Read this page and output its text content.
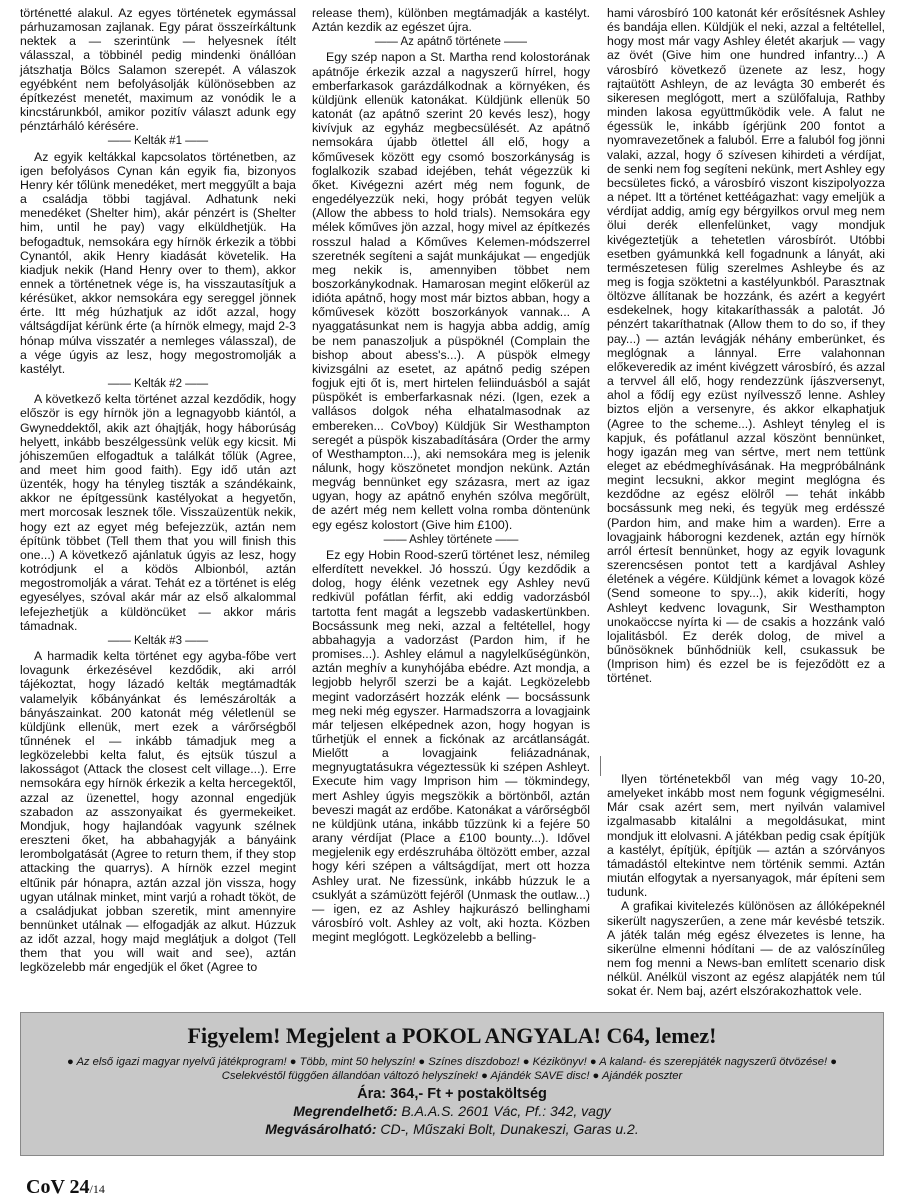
történetté alakul. Az egyes történetek egymással párhuzamosan zajlanak. Egy párat összeírkáltunk nektek a — szerintünk — helyesnek ítélt válasszal, a többinél pedig mindenki önállóan játszhatja Bölcs Salamon szerepét. A válaszok egyébként nem befolyásolják különösebben az építkezést menetét, maximum az vonódik le a kincstárunkból, amikor pozitív választ adunk egy pénztárháló kérésére.

—— Kelták #1 ——

Az egyik keltákkal kapcsolatos történetben, az igen befolyásos Cynan kán egyik fia, bizonyos Henry kér tőlünk menedéket, mert meggyűlt a baja a családja többi tagjával. Adhatunk neki menedéket (Shelter him), akár pénzért is (Shelter him, until he pay) vagy elküldhetjük. Ha befogadtuk, nemsokára egy hírnök érkezik a többi Cynantól, akik Henry kiadását követelik. Ha kiadjuk nekik (Hand Henry over to them), akkor ennek a történetnek vége is, ha visszautasítjuk a kérésüket, akkor nemsokára egy sereggel jönnek érte. Itt még húzhatjuk az időt azzal, hogy váltságdíjat kérünk érte (a hírnök elmegy, majd 2-3 hónap múlva visszatér a nemleges válasszal), de a vége úgyis az lesz, hogy megostromolják a kastélyt.

—— Kelták #2 ——

A következő kelta történet azzal kezdődik, hogy először is egy hírnök jön a legnagyobb kiántól, a Gwyneddektől, akik azt óhajtják, hogy háborúság helyett, inkább beszélgessünk velük egy kicsit. Mi jóhiszeműen elfogadtuk a találkát tőlük (Agree, and meet him good faith). Egy idő után azt üzenték, hogy ha tényleg tiszták a szándékaink, akkor ne építgessünk kastélyokat a hegyetőn, mert morcosak lesznek tőle. Visszaüzentük nekik, hogy ezt az egyet még befejezzük, aztán nem építünk többet (Tell them that you will finish this one...) A következő ajánlatuk úgyis az lesz, hogy kotródjunk el a ködös Albionból, aztán megostromolják a várat. Tehát ez a történet is elég egyesélyes, szóval akár már az első alkalommal lefejezhetjük a küldöncüket — akkor máris támadnak.

—— Kelták #3 ——

A harmadik kelta történet egy agyba-főbe vert lovagunk érkezésével kezdődik, aki arról tájékoztat, hogy lázadó kelták megtámadták valamelyik kőbányánkat és lemészárolták a bányászainkat. 200 katonát még véletlenül se küldjünk ellenük, mert ezek a várőrségből tűnnének el — inkább támadjuk meg a legközelebbi kelta falut, és ejtsük túszul a lakosságot (Attack the closest celt village...). Erre nemsokára egy hírnök érkezik a kelta hercegektől, azzal az üzenettel, hogy azonnal engedjük szabadon az asszonyaikat és gyermekeiket. Mondjuk, hogy hajlandóak vagyunk szélnek ereszteni őket, ha abbahagyják a bányáink lerombolgatását (Agree to return them, if they stop attacking the quarrys). A hírnök ezzel megint eltűnik pár hónapra, aztán azzal jön vissza, hogy ugyan utálnak minket, mint varjú a rohadt tököt, de a családjukat jobban szeretik, mint amennyire bennünket utálnak — elfogadják az alkut. Húzzuk az időt azzal, hogy majd meglátjuk a dolgot (Tell them that you will wait and see), aztán legközelebb már engedjük el őket (Agree to

release them), különben megtámadják a kastélyt. Aztán kezdik az egészet újra.

—— Az apátnő története ——

Egy szép napon a St. Martha rend kolostorának apátnője érkezik azzal a nagyszerű hírrel, hogy emberfarkasok garázdálkodnak a környéken, és küldjünk ellenük katonákat. Küldjünk ellenük 50 katonát (az apátnő szerint 20 kevés lesz), hogy kivívjuk az egyház megbecsülését. Az apátnő nemsokára újabb ötlettel áll elő, hogy a kőművesek között egy csomó boszorkányság is foglalkozik szabad idejében, tehát végezzük ki őket. Kivégezni azért még nem fogunk, de engedélyezzük neki, hogy próbát tegyen velük (Allow the abbess to hold trials). Nemsokára egy mélek kőműves jön azzal, hogy mivel az építkezés rosszul halad a Kőműves Kelemen-módszerrel szeretnék segíteni a saját munkájukat — engedjük meg nekik is, amennyiben többet nem boszorkánykodnak. Hamarosan megint előkerül az idióta apátnő, hogy most már biztos abban, hogy a kőművesek között boszorkányok vannak... A nyaggatásunkat nem is hagyja abba addig, amíg be nem panaszoljuk a püspöknél (Complain the bishop about abess's...). A püspök elmegy kivizsgálni az esetet, az apátnő pedig szépen fogjuk ejti őt is, mert hirtelen feliinduásból a saját püspökét is emberfarkasnak nézi. (Igen, ezek a vallásos dolgok néha elhatalmasodnak az embereken... CoVboy) Küldjük Sir Westhampton seregét a püspök kiszabadítására (Order the army of Westhampton...), aki nemsokára meg is jelenik nálunk, hogy köszönetet mondjon nekünk. Aztán megvág bennünket egy százasra, mert az igaz ugyan, hogy az apátnő enyhén szólva megőrült, de azért még nem kellett volna romba döntenünk egy egész kolostort (Give him £100).

—— Ashley története ——

Ez egy Hobin Rood-szerű történet lesz, némileg elferdített nevekkel. Jó hosszú. Úgy kezdődik a dolog, hogy élénk vezetnek egy Ashley nevű redkivül pofátlan férfit, aki eddig vadorzásból tartotta fent magát a legszebb vadaskertünkben. Bocsássunk meg neki, azzal a feltétellel, hogy abbahagyja a vadorzást (Pardon him, if he promises...). Ashley elámul a nagylelkűségünkön, aztán meghív a kunyhójába ebédre. Azt mondja, a legjobb helyről szerzi be a kaját. Legközelebb megint vadorzásért hozzák elénk — bocsássunk meg neki még egyszer. Harmadszorra a lovagjaink már teljesen elképednek azon, hogy hogyan is tűrhetjük el ennek a fickónak az arcátlanságát. Mielőtt a lovagjaink feliázadnának, megnyugtatásukra végeztessük ki szépen Ashleyt. Execute him vagy Imprison him — tökmindegy, mert Ashley úgyis megszökik a börtönből, aztán beveszi magát az erdőbe. Katonákat a várőrségből ne küldjünk utána, inkább tűzzünk ki a fejére 50 arany vérdíjat (Place a £100 bounty...). Idővel megjelenik egy erdészruhába öltözött ember, azzal hogy kéri szépen a váltságdíjat, mert ott hozza Ashley urat. Ne fizessünk, inkább húzzuk le a csuklyát a számüzött fejéről (Unmask the outlaw...) — igen, ez az Ashley hajkurászó bellinghami városbíró volt. Ashley az volt, aki hozta. Közben megint meglógott. Legközelebb a belling-

hami városbíró 100 katonát kér erősítésnek Ashley és bandája ellen. Küldjük el neki, azzal a feltétellel, hogy most már vagy Ashley életét akarjuk — vagy az övét (Give him one hundred infantry...) A városbíró következő üzenete az lesz, hogy rajtaütött Ashleyn, de az levágta 30 emberét és sikeresen meglógott, mert a szülőfaluja, Rathby minden lakosa együttműködik vele. A falut ne égessük le, inkább ígérjünk 200 fontot a nyomravezetőnek a faluból. Erre a faluból fog jönni valaki, azzal, hogy ő szívesen kihirdeti a vérdíjat, de senki nem fog segíteni nekünk, mert Ashley egy becsületes fickó, a városbíró viszont kiszipolyozza a népet. Itt a történet kettéágazhat: vagy emeljük a vérdíjat addig, amíg egy bérgyilkos orvul meg nem ölui derék ellenfelünket, vagy mondjuk kivégeztetjük a tehetetlen városbírót. Utóbbi esetben gyámunkká kell fogadnunk a lányát, aki természetesen fülig szerelmes Ashleybe és az meg is fogja szöktetni a kastélyunkból. Parasztnak öltözve állítanak be hozzánk, és azért a kegyért esdekelnek, hogy kitakaríthassák a palotát. Jó pénzért takaríthatnak (Allow them to do so, if they pay...) — aztán levágják néhány emberünket, és meglógnak a lánnyal. Erre valahonnan előkeveredik az imént kivégzett városbíró, és azzal a tervvel áll elő, hogy rendezzünk íjászversenyt, ahol a fődíj egy ezüst nyílvessző lenne. Ashley biztos eljön a versenyre, és akkor elkaphatjuk (Agree to the scheme...). Ashleyt tényleg el is kapjuk, és pofátlanul azzal köszönt bennünket, hogy igazán meg van sértve, mert nem tettünk eleget az ebédmeghívásának. Ha megpróbálnánk megint lecsukni, akkor megint meglógna és kezdődne az egész elölről — tehát inkább bocsássunk meg neki, és tegyük meg erdésszé (Pardon him, and make him a warden). Erre a lovagjaink háborogni kezdenek, aztán egy hírnök arról értesít bennünket, hogy az egyik lovagunk szerencsésen pontot tett a kardjával Ashley életének a végére. Küldjünk kémet a lovagok közé (Send someone to spy...), akik kideríti, hogy Ashleyt kedvenc lovagunk, Sir Westhampton unokaöccse nyírta ki — de csakis a hozzánk való lojalitásból. Ez derék dolog, de mivel a bűnösöknek bűnhődniük kell, csukassuk be (Imprison him) és ezzel be is fejeződött ez a történet.

Ilyen történetekből van még vagy 10-20, amelyeket inkább most nem fogunk végigmesélni. Már csak azért sem, mert nyilván valamivel izgalmasabb kitalálni a megoldásukat, mint mondjuk itt elolvasni. A játékban pedig csak építjük a kastélyt, építjük, építjük — aztán a szórványos támadástól eltekintve nem történik semmi. Aztán miután elfogytak a nyersanyagok, már építeni sem tudunk.

A grafikai kivitelezés különösen az állóképeknél sikerült nagyszerűen, a zene már kevésbé tetszik. A játék talán még egész élvezetes is lenne, ha sikerülne elmenni hódítani — de az valószínűleg nem fog menni a News-ban említett scenario disk nélkül. Anélkül viszont az egész alapjáték nem túl sokat ér. Nem baj, azért elszórakozhattok vele.

Figyelem! Megjelent a POKOL ANGYALA! C64, lemez!
● Az első igazi magyar nyelvű játékprogram! ● Több, mint 50 helyszín! ● Színes díszdoboz! ● Kézikönyv! ● A kaland- és szerepjáték nagyszerű ötvözése! ● Cselekvéstől függően állandóan változó helyszínek! ● Ajándék SAVE disc! ● Ajándék poszter
Ára: 364,- Ft + postaköltség
Megrendelhető: B.A.A.S. 2601 Vác, Pf.: 342, vagy
Megvásárolható: CD-, Műszaki Bolt, Dunakeszi, Garas u.2.
CoV 24/14
